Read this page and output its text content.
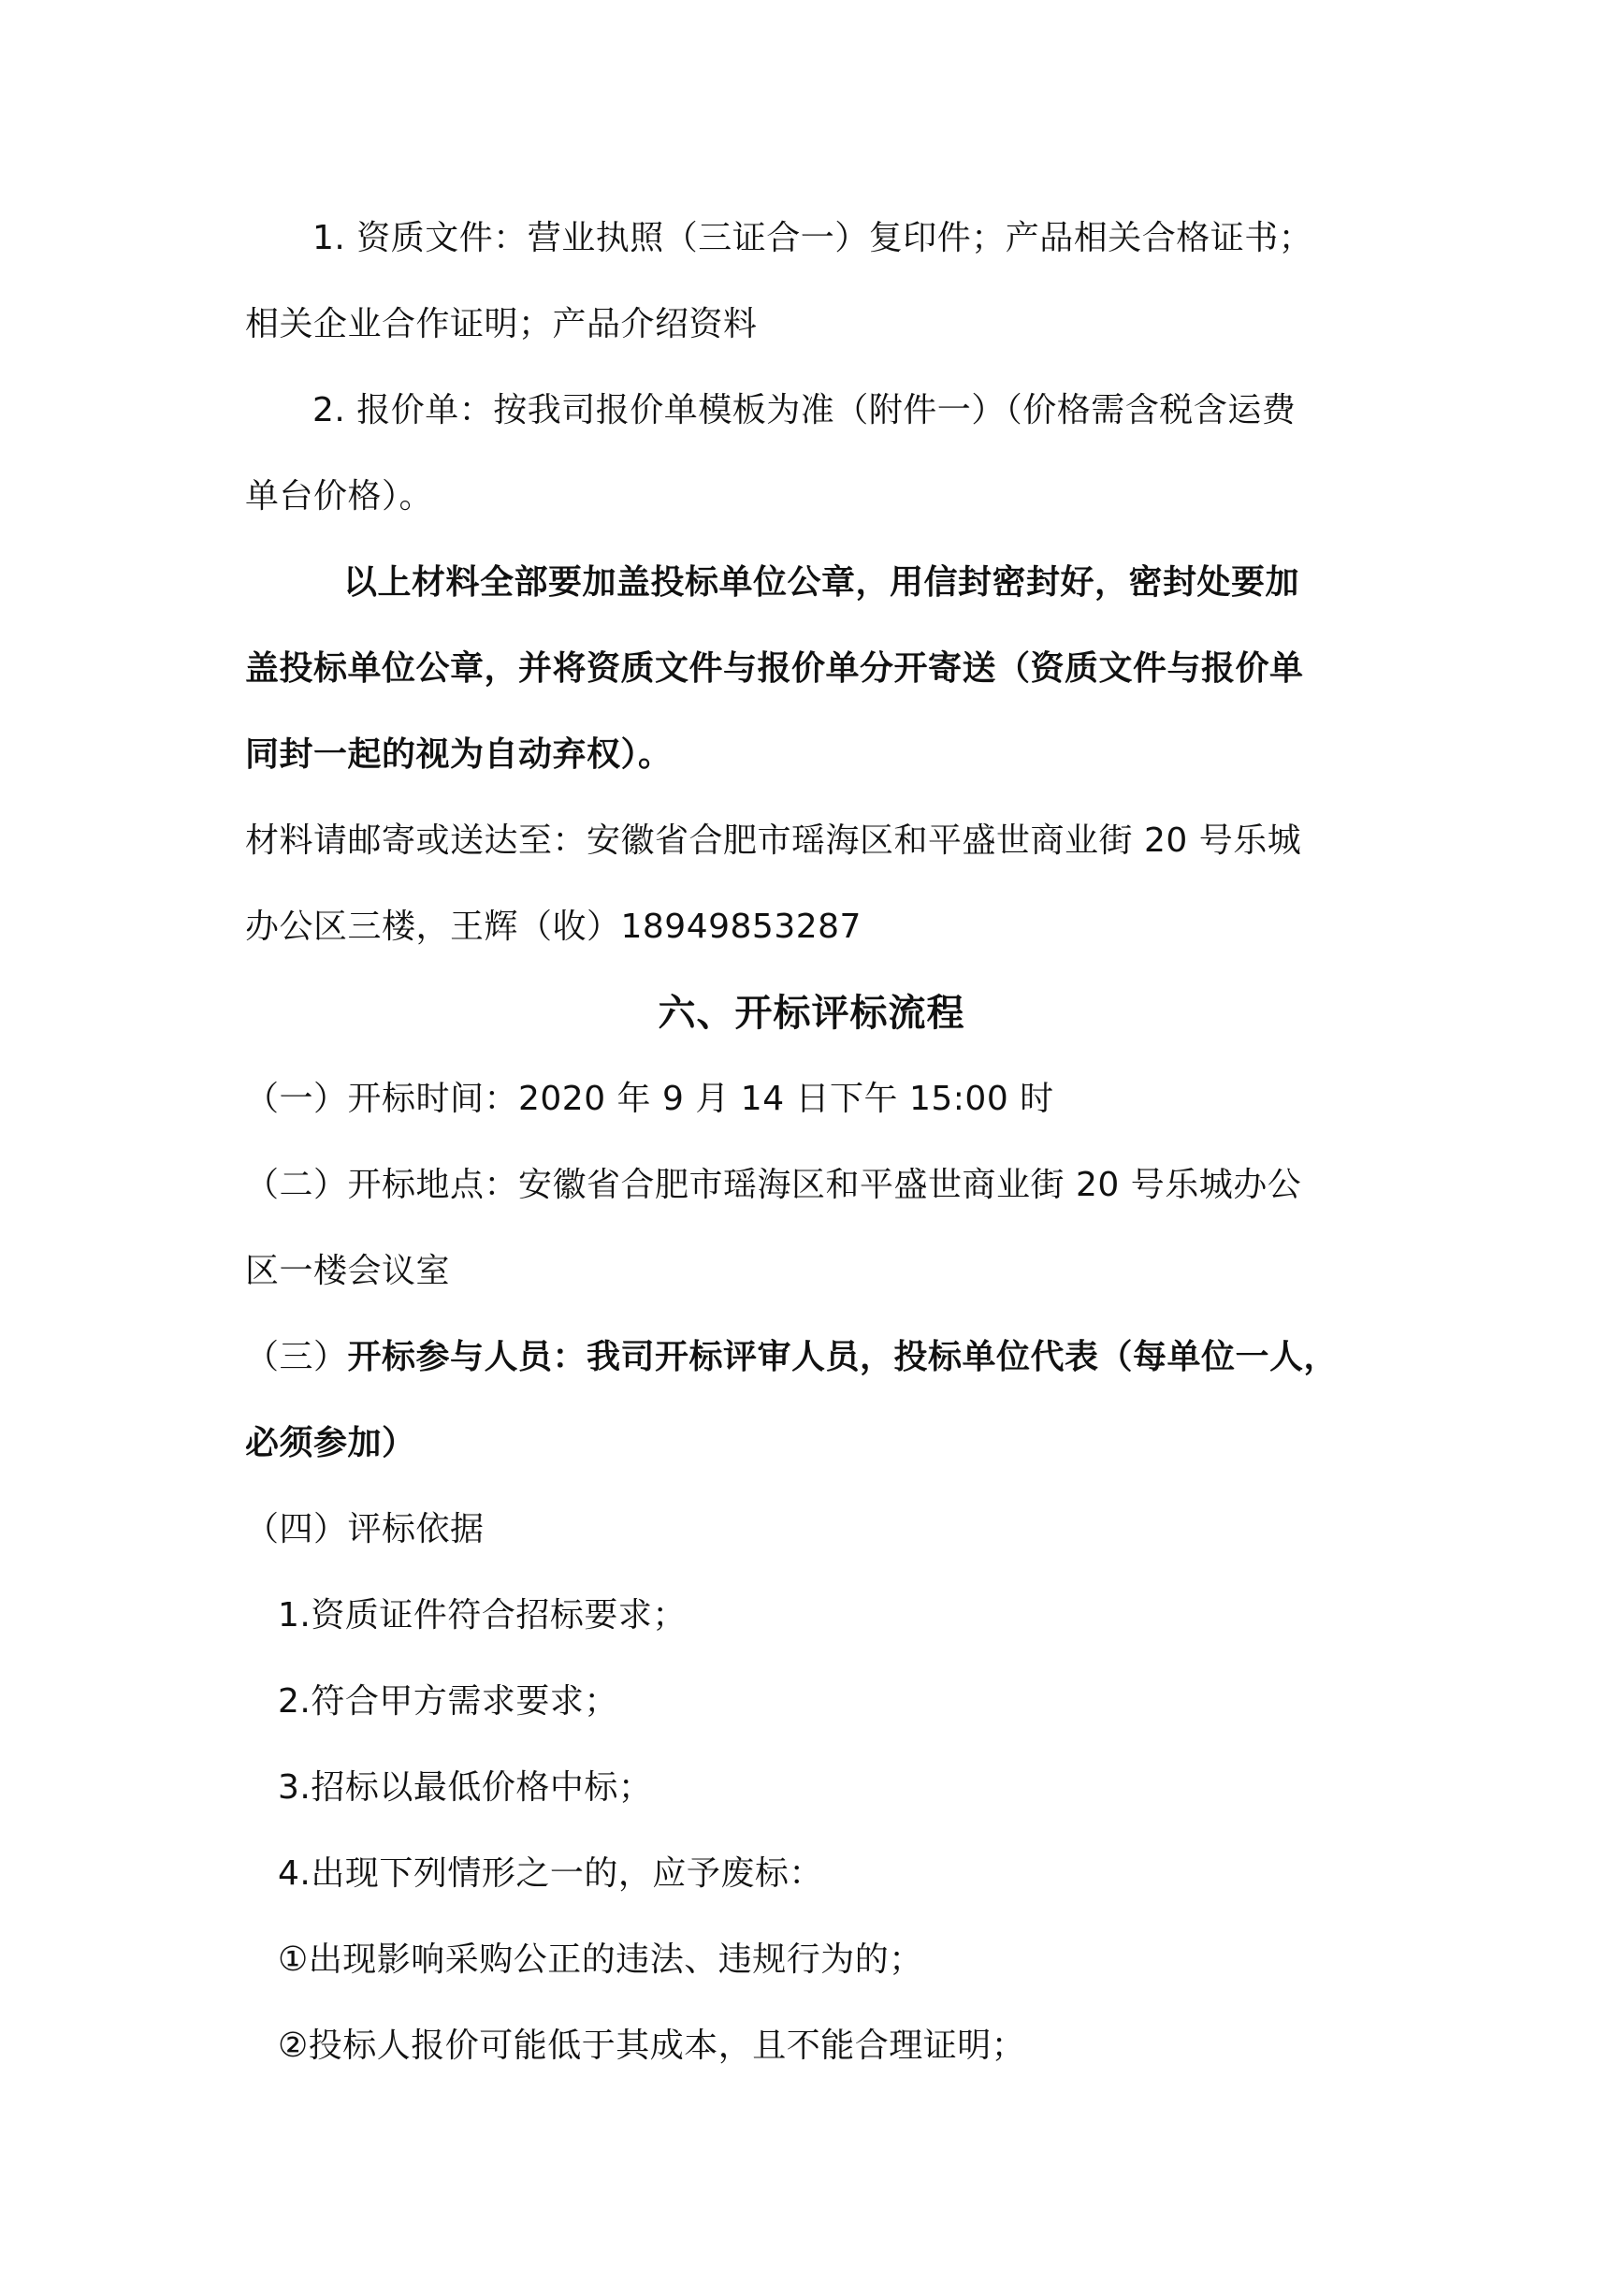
1. 资质文件：营业执照（三证合一）复印件；产品相关合格证书；
相关企业合作证明；产品介绍资料
2. 报价单：按我司报价单模板为准（附件一）（价格需含税含运费
单台价格）。
以上材料全部要加盖投标单位公章，用信封密封好，密封处要加
盖投标单位公章，并将资质文件与报价单分开寄送（资质文件与报价单
同封一起的视为自动弃权）。
材料请邮寄或送达至：安徽省合肥市瑶海区和平盛世商业街 20 号乐城
办公区三楼，王辉（收）18949853287
六、开标评标流程
（一）开标时间：2020 年 9 月 14 日下午 15:00 时
（二）开标地点：安徽省合肥市瑶海区和平盛世商业街 20 号乐城办公
区一楼会议室
（三）开标参与人员：我司开标评审人员，投标单位代表（每单位一人，
必须参加）
（四）评标依据
1.资质证件符合招标要求；
2.符合甲方需求要求；
3.招标以最低价格中标；
4.出现下列情形之一的，应予废标：
①出现影响采购公正的违法、违规行为的；
②投标人报价可能低于其成本，且不能合理证明；
